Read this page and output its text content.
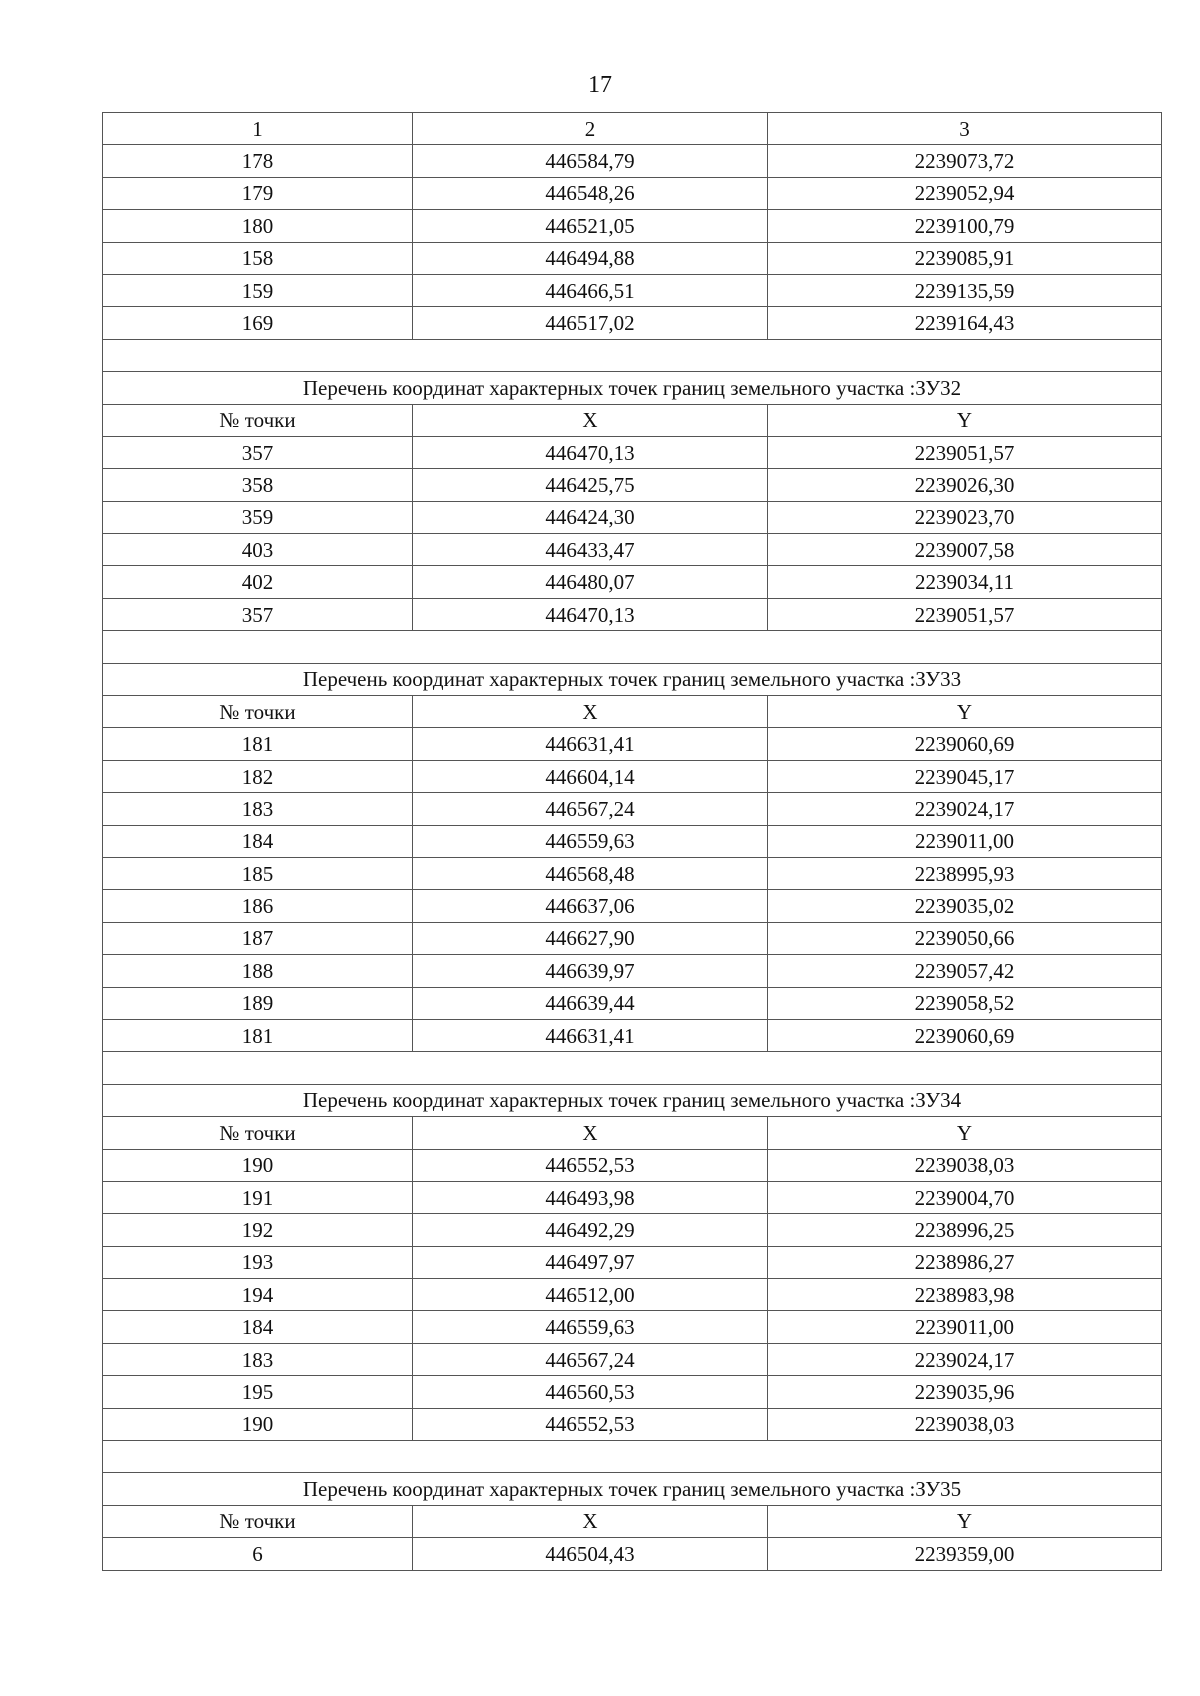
17
1	2	3
178	446584,79	2239073,72
179	446548,26	2239052,94
180	446521,05	2239100,79
158	446494,88	2239085,91
159	446466,51	2239135,59
169	446517,02	2239164,43

Перечень координат характерных точек границ земельного участка :ЗУ32		
№ точки	X	Y
357	446470,13	2239051,57
358	446425,75	2239026,30
359	446424,30	2239023,70
403	446433,47	2239007,58
402	446480,07	2239034,11
357	446470,13	2239051,57

Перечень координат характерных точек границ земельного участка :ЗУ33		
№ точки	X	Y
181	446631,41	2239060,69
182	446604,14	2239045,17
183	446567,24	2239024,17
184	446559,63	2239011,00
185	446568,48	2238995,93
186	446637,06	2239035,02
187	446627,90	2239050,66
188	446639,97	2239057,42
189	446639,44	2239058,52
181	446631,41	2239060,69

Перечень координат характерных точек границ земельного участка :ЗУ34		
№ точки	X	Y
190	446552,53	2239038,03
191	446493,98	2239004,70
192	446492,29	2238996,25
193	446497,97	2238986,27
194	446512,00	2238983,98
184	446559,63	2239011,00
183	446567,24	2239024,17
195	446560,53	2239035,96
190	446552,53	2239038,03

Перечень координат характерных точек границ земельного участка :ЗУ35		
№ точки	X	Y
6	446504,43	2239359,00
